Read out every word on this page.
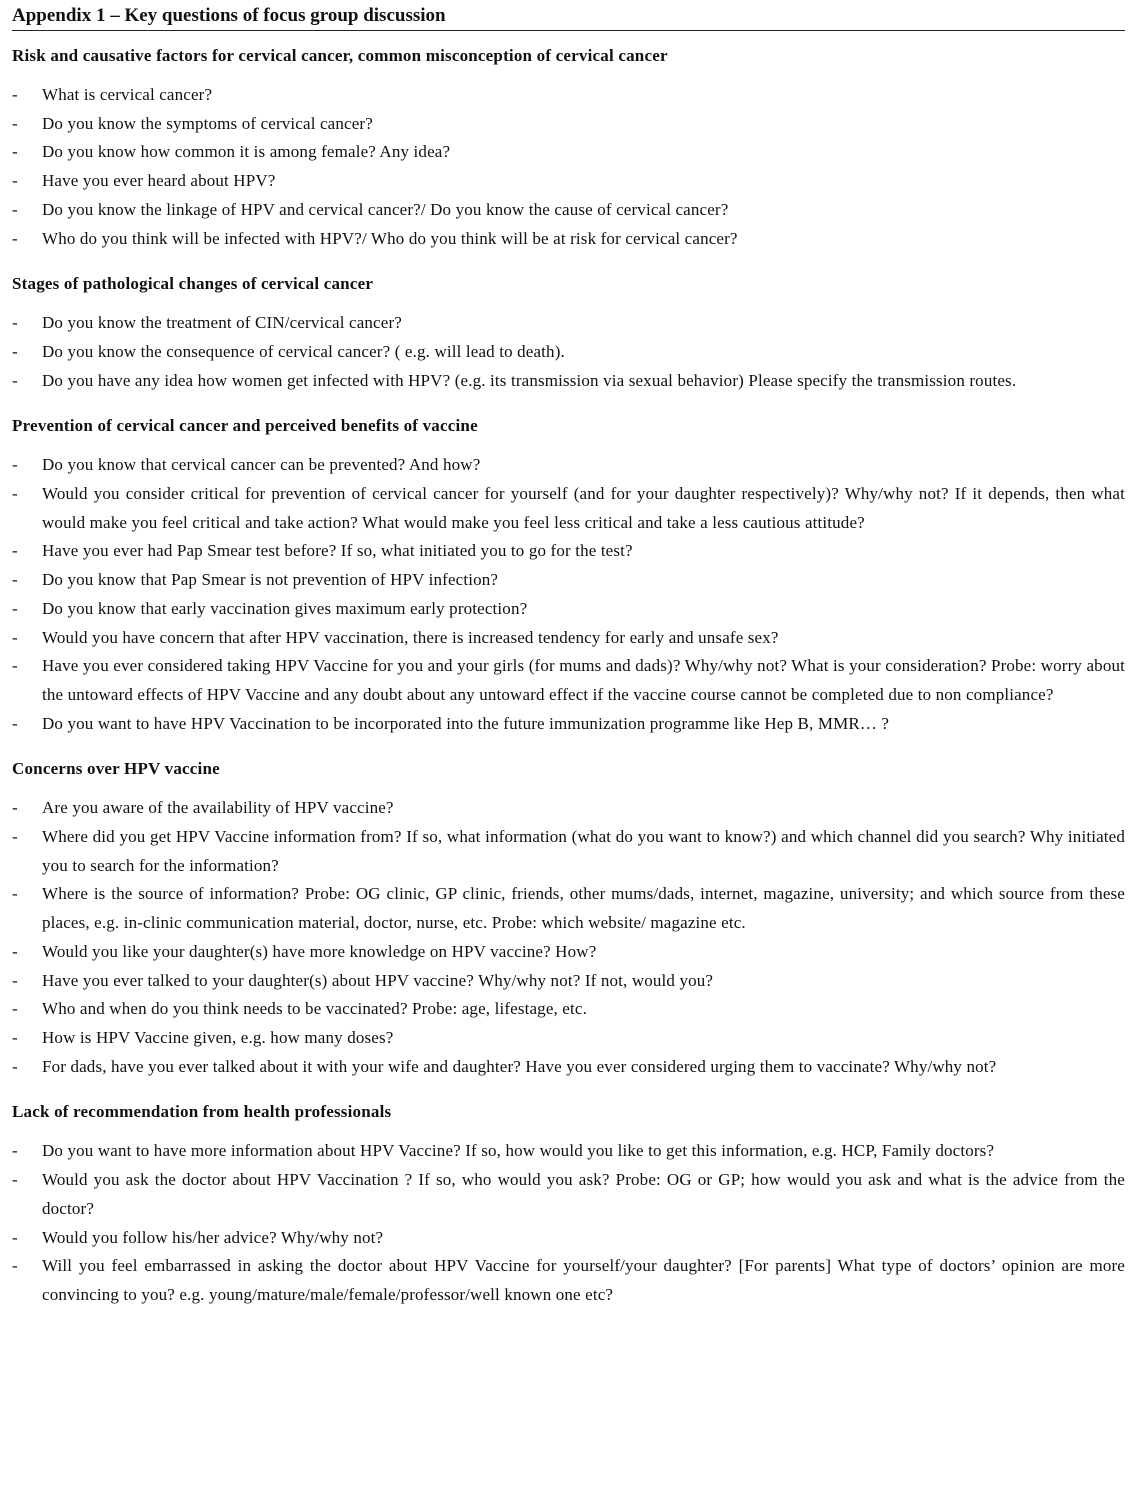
Appendix 1 – Key questions of focus group discussion
Risk and causative factors for cervical cancer, common misconception of cervical cancer
-	What is cervical cancer?
-	Do you know the symptoms of cervical cancer?
-	Do you know how common it is among female? Any idea?
-	Have you ever heard about HPV?
-	Do you know the linkage of HPV and cervical cancer?/ Do you know the cause of cervical cancer?
-	Who do you think will be infected with HPV?/ Who do you think will be at risk for cervical cancer?
Stages of pathological changes of cervical cancer
-	Do you know the treatment of CIN/cervical cancer?
-	Do you know the consequence of cervical cancer? ( e.g. will lead to death).
-	Do you have any idea how women get infected with HPV? (e.g. its transmission via sexual behavior) Please specify the transmission routes.
Prevention of cervical cancer and perceived benefits of vaccine
-	Do you know that cervical cancer can be prevented? And how?
-	Would you consider critical for prevention of cervical cancer for yourself (and for your daughter respectively)? Why/why not? If it depends, then what would make you feel critical and take action? What would make you feel less critical and take a less cautious attitude?
-	Have you ever had Pap Smear test before? If so, what initiated you to go for the test?
-	Do you know that Pap Smear is not prevention of HPV infection?
-	Do you know that early vaccination gives maximum early protection?
-	Would you have concern that after HPV vaccination, there is increased tendency for early and unsafe sex?
-	Have you ever considered taking HPV Vaccine for you and your girls (for mums and dads)? Why/why not? What is your consideration? Probe: worry about the untoward effects of HPV Vaccine and any doubt about any untoward effect if the vaccine course cannot be completed due to non compliance?
-	Do you want to have HPV Vaccination to be incorporated into the future immunization programme like Hep B, MMR… ?
Concerns over HPV vaccine
-	Are you aware of the availability of HPV vaccine?
-	Where did you get HPV Vaccine information from? If so, what information (what do you want to know?) and which channel did you search? Why initiated you to search for the information?
-	Where is the source of information? Probe: OG clinic, GP clinic, friends, other mums/dads, internet, magazine, university; and which source from these places, e.g. in-clinic communication material, doctor, nurse, etc. Probe: which website/ magazine etc.
-	Would you like your daughter(s) have more knowledge on HPV vaccine? How?
-	Have you ever talked to your daughter(s) about HPV vaccine? Why/why not? If not, would you?
-	Who and when do you think needs to be vaccinated? Probe: age, lifestage, etc.
-	How is HPV Vaccine given, e.g. how many doses?
-	For dads, have you ever talked about it with your wife and daughter? Have you ever considered urging them to vaccinate? Why/why not?
Lack of recommendation from health professionals
-	Do you want to have more information about HPV Vaccine? If so, how would you like to get this information, e.g. HCP, Family doctors?
-	Would you ask the doctor about HPV Vaccination ? If so, who would you ask? Probe: OG or GP; how would you ask and what is the advice from the doctor?
-	Would you follow his/her advice? Why/why not?
-	Will you feel embarrassed in asking the doctor about HPV Vaccine for yourself/your daughter? [For parents] What type of doctors’ opinion are more convincing to you? e.g. young/mature/male/female/professor/well known one etc?
